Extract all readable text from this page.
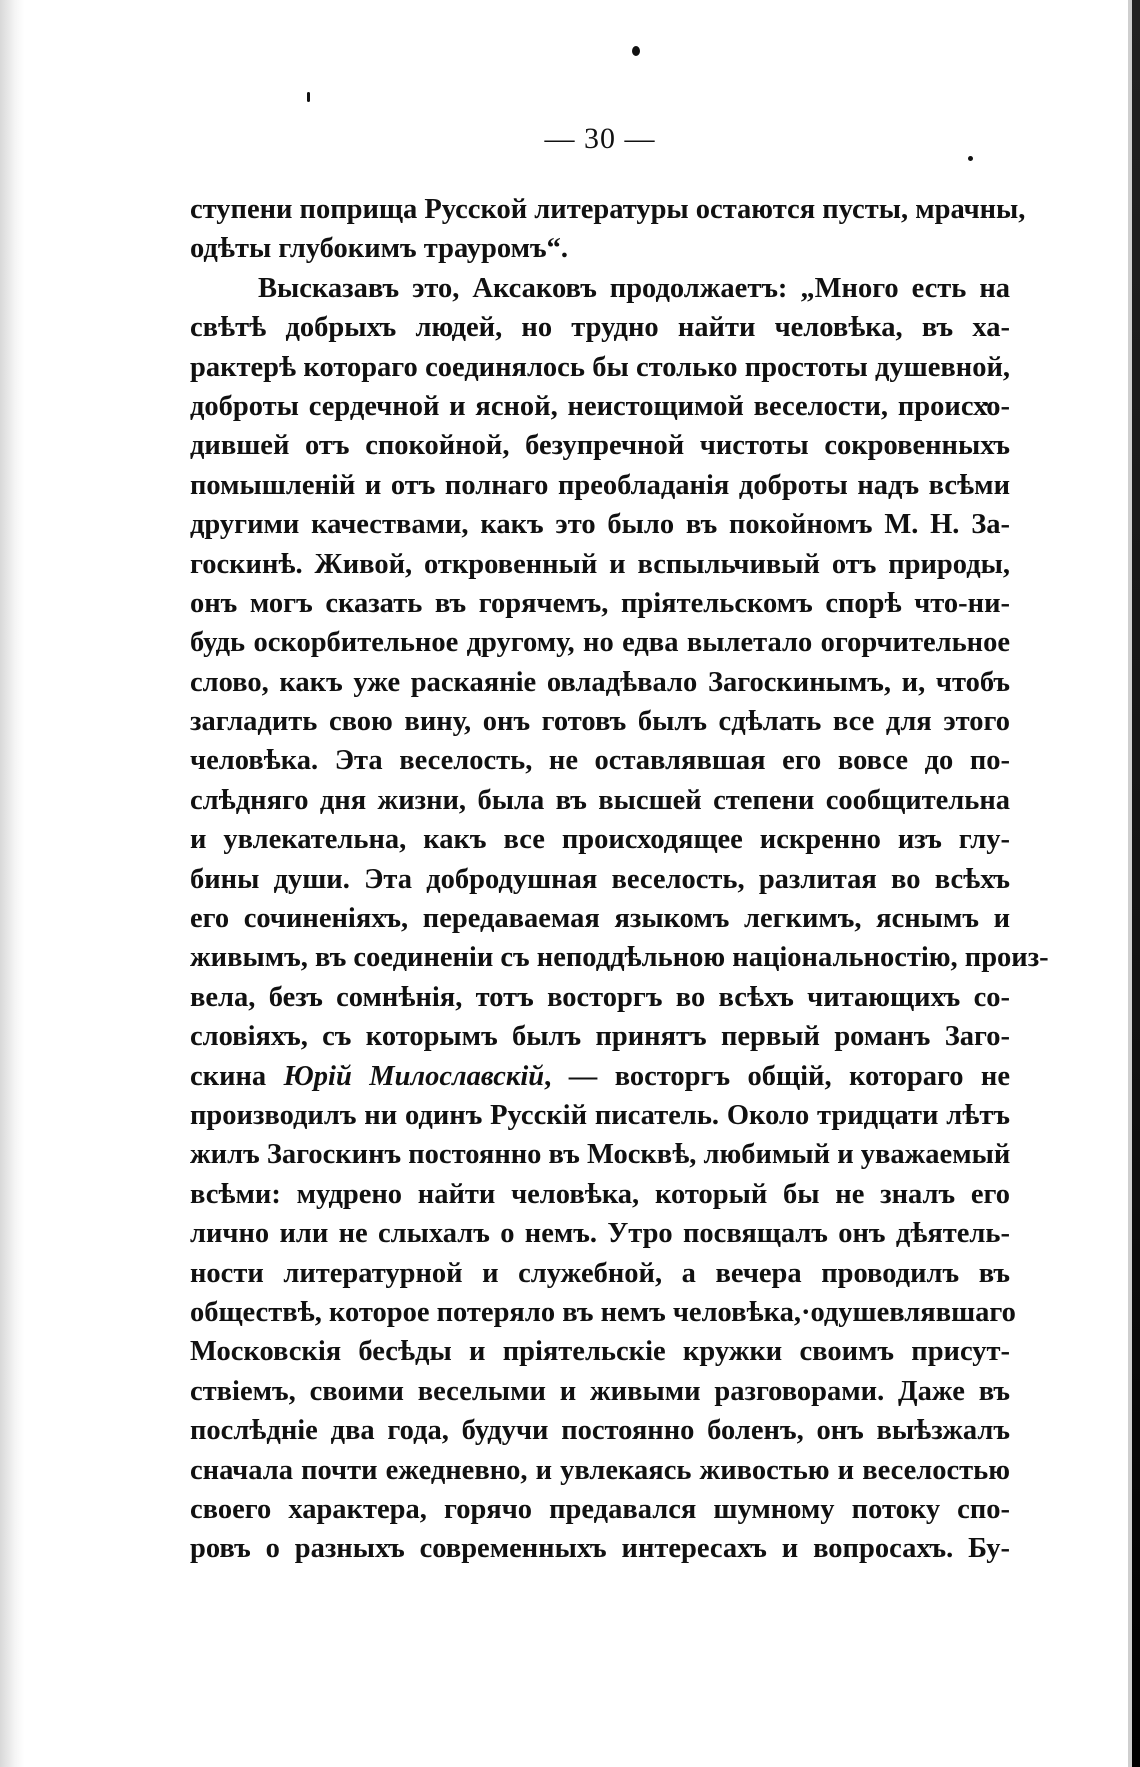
— 30 —
ступени поприща Русской литературы остаются пусты, мрачны,
одѣты глубокимъ трауромъ“.
Высказавъ это, Аксаковъ продолжаетъ: „Много есть на
свѣтѣ добрыхъ людей, но трудно найти человѣка, въ ха-
рактерѣ котораго соединялось бы столько простоты душевной,
доброты сердечной и ясной, неистощимой веселости, происхо-
дившей отъ спокойной, безупречной чистоты сокровенныхъ
помышленій и отъ полнаго преобладанія доброты надъ всѣми
другими качествами, какъ это было въ покойномъ М. Н. За-
госкинѣ. Живой, откровенный и вспыльчивый отъ природы,
онъ могъ сказать въ горячемъ, пріятельскомъ спорѣ что-ни-
будь оскорбительное другому, но едва вылетало огорчительное
слово, какъ уже раскаяніе овладѣвало Загоскинымъ, и, чтобъ
загладить свою вину, онъ готовъ былъ сдѣлать все для этого
человѣка. Эта веселость, не оставлявшая его вовсе до по-
слѣдняго дня жизни, была въ высшей степени сообщительна
и увлекательна, какъ все происходящее искренно изъ глу-
бины души. Эта добродушная веселость, разлитая во всѣхъ
его сочиненіяхъ, передаваемая языкомъ легкимъ, яснымъ и
живымъ, въ соединеніи съ неподдѣльною національностію, произ-
вела, безъ сомнѣнія, тотъ восторгъ во всѣхъ читающихъ со-
словіяхъ, съ которымъ былъ принятъ первый романъ Заго-
скина Юрій Милославскій, — восторгъ общій, котораго не
производилъ ни одинъ Русскій писатель. Около тридцати лѣтъ
жилъ Загоскинъ постоянно въ Москвѣ, любимый и уважаемый
всѣми: мудрено найти человѣка, который бы не зналъ его
лично или не слыхалъ о немъ. Утро посвящалъ онъ дѣятель-
ности литературной и служебной, а вечера проводилъ въ
обществѣ, которое потеряло въ немъ человѣка,·одушевлявшаго
Московскія бесѣды и пріятельскіе кружки своимъ присут-
ствіемъ, своими веселыми и живыми разговорами. Даже въ
послѣдніе два года, будучи постоянно боленъ, онъ выѣзжалъ
сначала почти ежедневно, и увлекаясь живостью и веселостью
своего характера, горячо предавался шумному потоку спо-
ровъ о разныхъ современныхъ интересахъ и вопросахъ. Бу-
